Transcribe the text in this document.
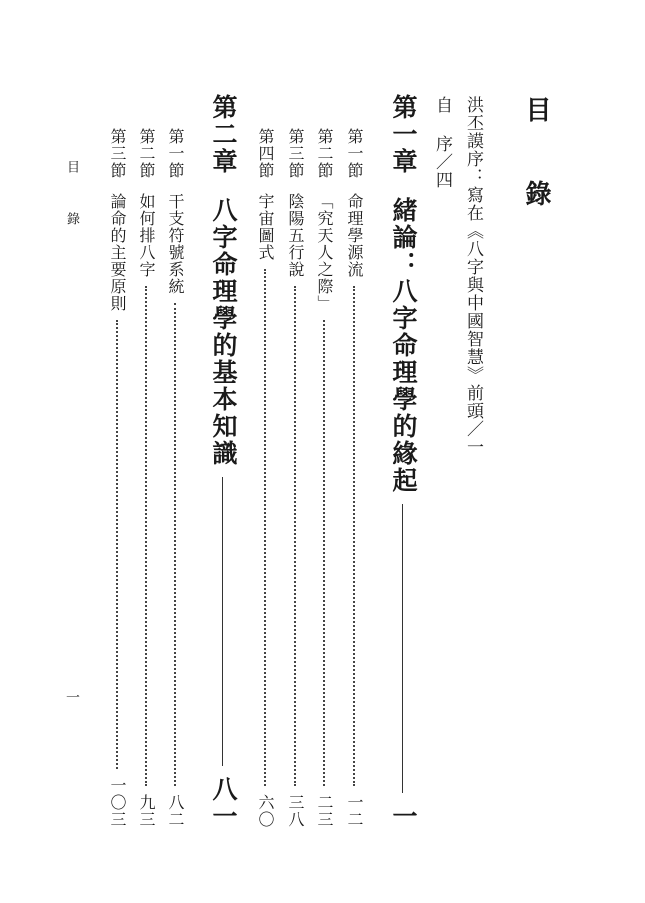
目 錄
洪丕謨序：寫在《八字與中國智慧》前頭／一
自 序／四
第一章
緒論：八字命理學的緣起
一
第一節
命理學源流
一二
第二節
「究天人之際」
二三
第三節
陰陽五行說
三八
第四節
宇宙圖式
六〇
第二章
八字命理學的基本知識
八一
第一節
干支符號系統
八二
第二節
如何排八字
九三
第三節
論命的主要原則
一〇三
目 錄
一
